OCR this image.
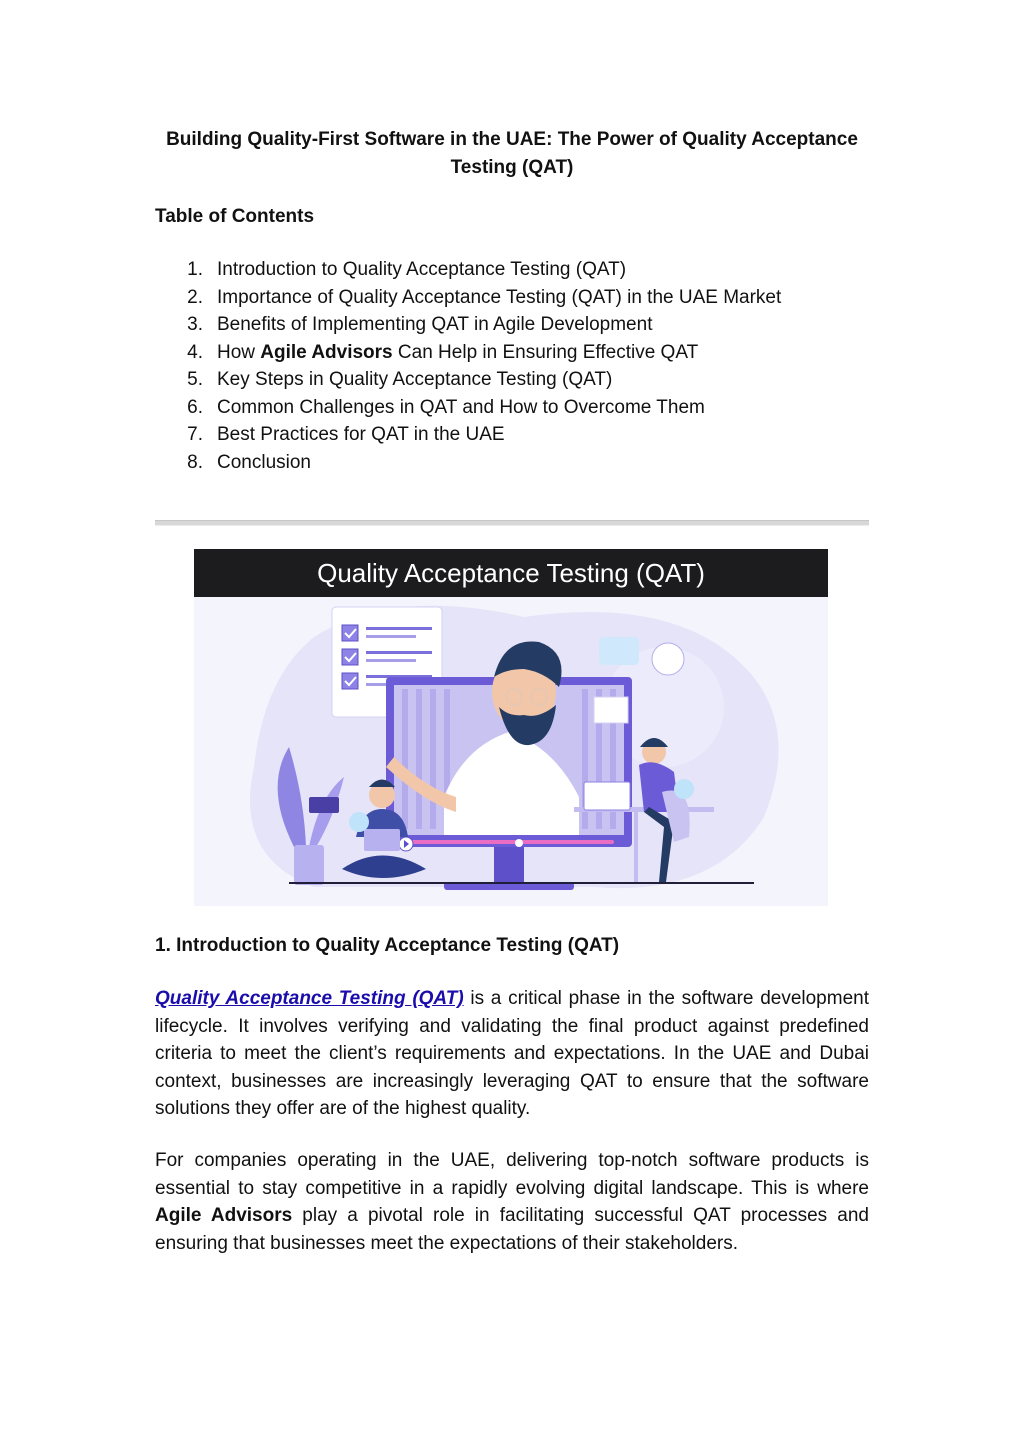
Building Quality-First Software in the UAE: The Power of Quality Acceptance Testing (QAT)
Table of Contents
1. Introduction to Quality Acceptance Testing (QAT)
2. Importance of Quality Acceptance Testing (QAT) in the UAE Market
3. Benefits of Implementing QAT in Agile Development
4. How Agile Advisors Can Help in Ensuring Effective QAT
5. Key Steps in Quality Acceptance Testing (QAT)
6. Common Challenges in QAT and How to Overcome Them
7. Best Practices for QAT in the UAE
8. Conclusion
Quality Acceptance Testing (QAT)
1. Introduction to Quality Acceptance Testing (QAT)

Quality Acceptance Testing (QAT) is a critical phase in the software development lifecycle. It involves verifying and validating the final product against predefined criteria to meet the client’s requirements and expectations. In the UAE and Dubai context, businesses are increasingly leveraging QAT to ensure that the software solutions they offer are of the highest quality.

For companies operating in the UAE, delivering top-notch software products is essential to stay competitive in a rapidly evolving digital landscape. This is where Agile Advisors play a pivotal role in facilitating successful QAT processes and ensuring that businesses meet the expectations of their stakeholders.
